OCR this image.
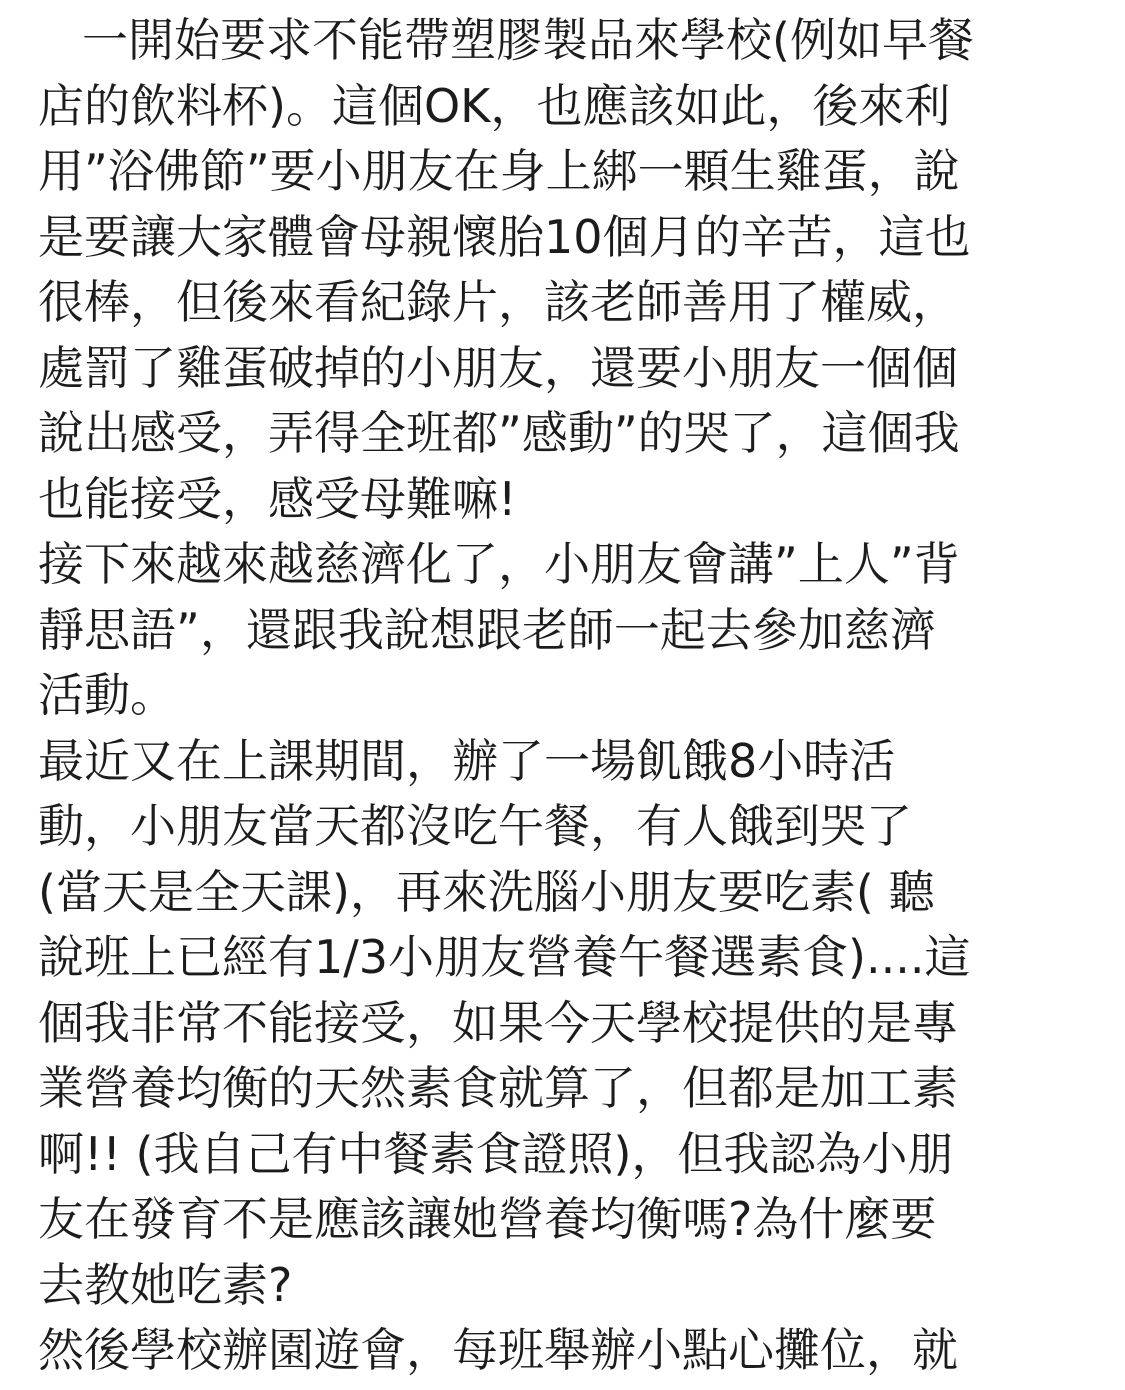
一開始要求不能帶塑膠製品來學校(例如早餐
店的飲料杯)。這個OK，也應該如此，後來利
用”浴佛節”要小朋友在身上綁一顆生雞蛋，說
是要讓大家體會母親懷胎10個月的辛苦，這也
很棒，但後來看紀錄片，該老師善用了權威，
處罰了雞蛋破掉的小朋友，還要小朋友一個個
說出感受，弄得全班都”感動”的哭了，這個我
也能接受，感受母難嘛!
接下來越來越慈濟化了，小朋友會講”上人”背
靜思語”，還跟我說想跟老師一起去參加慈濟
活動。
最近又在上課期間，辦了一場飢餓8小時活
動，小朋友當天都沒吃午餐，有人餓到哭了
(當天是全天課)，再來洗腦小朋友要吃素( 聽
說班上已經有1/3小朋友營養午餐選素食)....這
個我非常不能接受，如果今天學校提供的是專
業營養均衡的天然素食就算了，但都是加工素
啊!! (我自己有中餐素食證照)，但我認為小朋
友在發育不是應該讓她營養均衡嗎?為什麼要
去教她吃素?
然後學校辦園遊會，每班舉辦小點心攤位，就
